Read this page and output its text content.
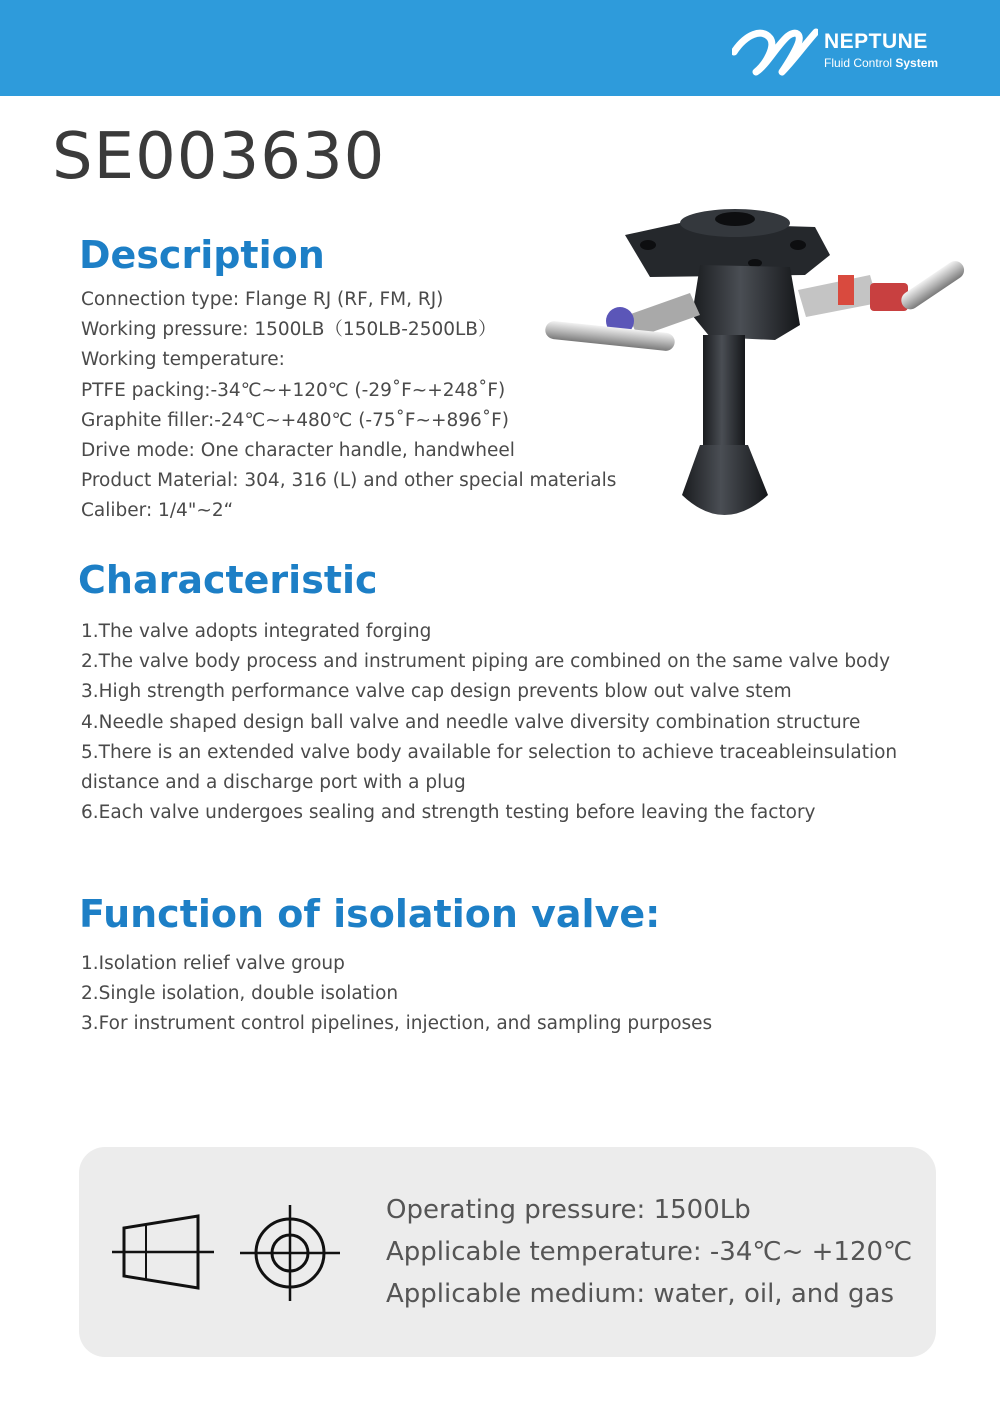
NEPTUNE
Fluid Control System
SE003630
Description
Connection type: Flange RJ (RF, FM, RJ)
Working pressure: 1500LB（150LB-2500LB）
Working temperature:
PTFE packing:-34℃~+120℃ (-29˚F~+248˚F)
Graphite filler:-24℃~+480℃ (-75˚F~+896˚F)
Drive mode: One character handle, handwheel
Product Material: 304, 316 (L) and other special materials
Caliber: 1/4"~2“
Characteristic
1.The valve adopts integrated forging
2.The valve body process and instrument piping are combined on the same valve body
3.High strength performance valve cap design prevents blow out valve stem
4.Needle shaped design ball valve and needle valve diversity combination structure
5.There is an extended valve body available for selection to achieve traceableinsulation
distance and a discharge port with a plug
6.Each valve undergoes sealing and strength testing before leaving the factory
Function of isolation valve:
1.Isolation relief valve group
2.Single isolation, double isolation
3.For instrument control pipelines, injection, and sampling purposes
Operating pressure: 1500Lb
Applicable temperature: -34℃~ +120℃
Applicable medium: water, oil, and gas
